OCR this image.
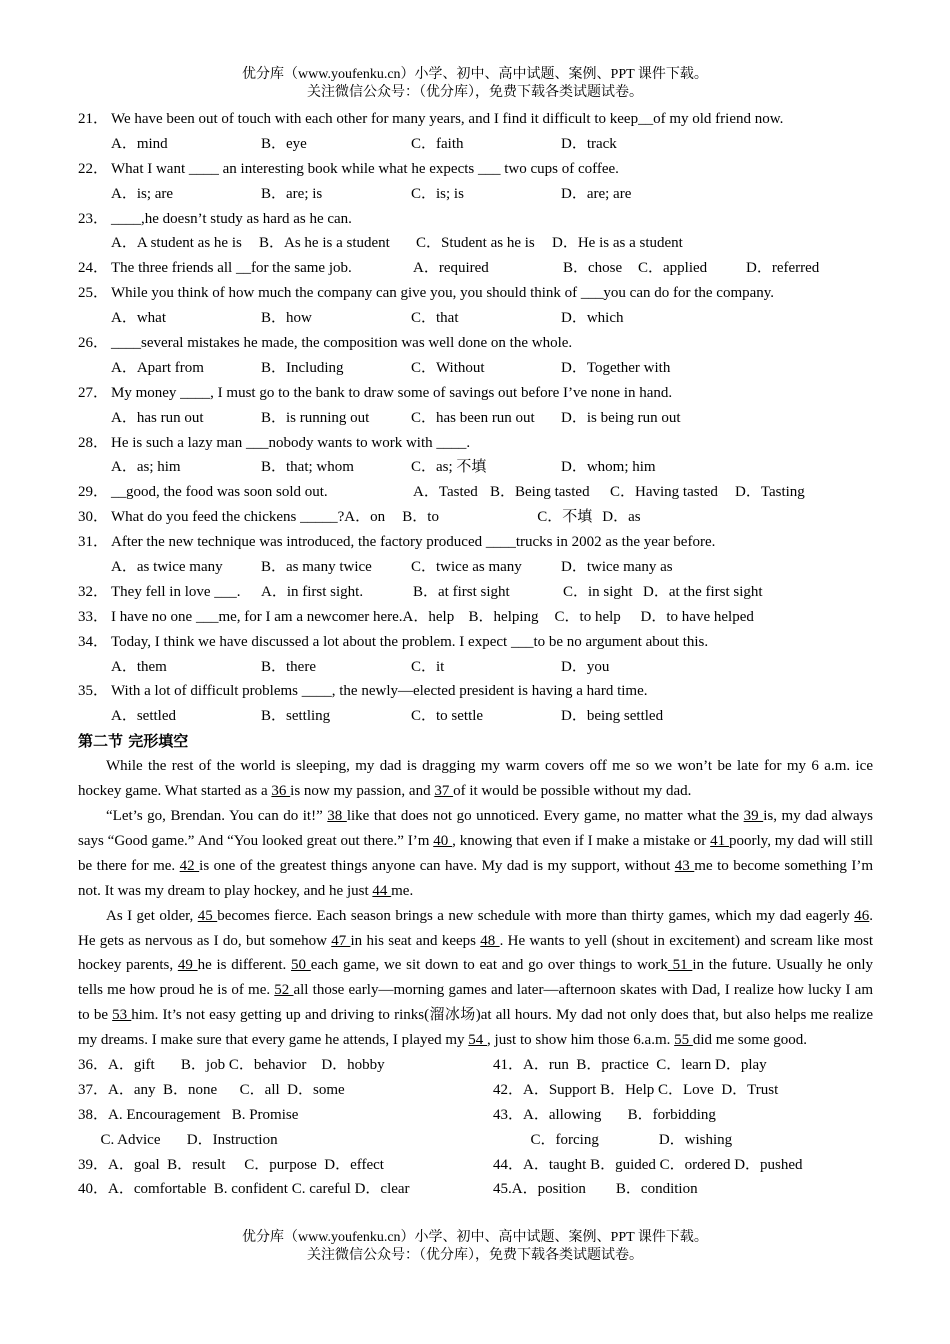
优分库（www.youfenku.cn）小学、初中、高中试题、案例、PPT 课件下载。
关注微信公众号：（优分库），免费下载各类试题试卷。
21． We have been out of touch with each other for many years, and I find it difficult to keep__of my old friend now.
A．mind	B．eye	C．faith	D．track
22． What I want ____ an interesting book while what he expects ___ two cups of coffee.
A．is; are	B．are; is	C．is; is	D．are; are
23． ____,he doesn’t study as hard as he can.
A．A student as he is B．As he is a student C．Student as he is D．He is as a student
24． The three friends all __for the same job.	A．required	B．chose C．applied	D．referred
25． While you think of how much the company can give you, you should think of ___you can do for the company.
A．what	B．how	C．that	D．which
26． ____several mistakes he made, the composition was well done on the whole.
A．Apart from	B．Including	C．Without	D．Together with
27． My money ____, I must go to the bank to draw some of savings out before I’ve none in hand.
A．has run out	B．is running out	C．has been run out D．is being run out
28． He is such a lazy man ___nobody wants to work with ____.
A．as; him	B．that; whom	C．as; 不填	D．whom; him
29． __good, the food was soon sold out.	A．Tasted B．Being tasted C．Having tasted D．Tasting
30． What do you feed the chickens _____?A．on B．to	C．不填 D．as
31． After the new technique was introduced, the factory produced ____trucks in 2002 as the year before.
A．as twice many	B．as many twice	C．twice as many	D．twice many as
32． They fell in love ___. A．in first sight.	B．at first sight	C．in sight D．at the first sight
33． I have no one ___me, for I am a newcomer here.A．help B．helping C．to help D．to have helped
34． Today, I think we have discussed a lot about the problem. I expect ___to be no argument about this.
A．them	B．there	C．it	D．you
35． With a lot of difficult problems ____, the newly—elected president is having a hard time.
A．settled	B．settling	C．to settle	D．being settled
第二节 完形填空
While the rest of the world is sleeping, my dad is dragging my warm covers off me so we won’t be late for my 6 a.m. ice hockey game. What started as a 36 is now my passion, and 37 of it would be possible without my dad.
“Let’s go, Brendan. You can do it!” 38 like that does not go unnoticed. Every game, no matter what the 39 is, my dad always says “Good game.” And “You looked great out there.” I’m 40 , knowing that even if I make a mistake or 41 poorly, my dad will still be there for me. 42 is one of the greatest things anyone can have. My dad is my support, without 43 me to become something I’m not. It was my dream to play hockey, and he just 44 me.
As I get older, 45 becomes fierce. Each season brings a new schedule with more than thirty games, which my dad eagerly 46. He gets as nervous as I do, but somehow 47 in his seat and keeps 48 . He wants to yell (shout in excitement) and scream like most hockey parents, 49 he is different. 50 each game, we sit down to eat and go over things to work 51 in the future. Usually he only tells me how proud he is of me. 52 all those early—morning games and later—afternoon skates with Dad, I realize how lucky I am to be 53 him. It’s not easy getting up and driving to rinks(溜冰场)at all hours. My dad not only does that, but also helps me realize my dreams. I make sure that every game he attends, I played my 54 , just to show him those 6.a.m. 55 did me some good.
36．A．gift       B．job C．behavior    D．hobby
37．A．any  B．none      C．all  D．some
38．A. Encouragement   B. Promise
C. Advice       D．Instruction
39．A．goal  B．result     C．purpose  D．effect
40．A．comfortable  B. confident C. careful D．clear
41．A．run  B．practice  C．learn D．play
42．A．Support B．Help C．Love  D．Trust
43．A．allowing       B．forbidding
C．forcing                D．wishing
44．A．taught B．guided C．ordered D．pushed
45.A．position        B．condition
优分库（www.youfenku.cn）小学、初中、高中试题、案例、PPT 课件下载。
关注微信公众号：（优分库），免费下载各类试题试卷。
